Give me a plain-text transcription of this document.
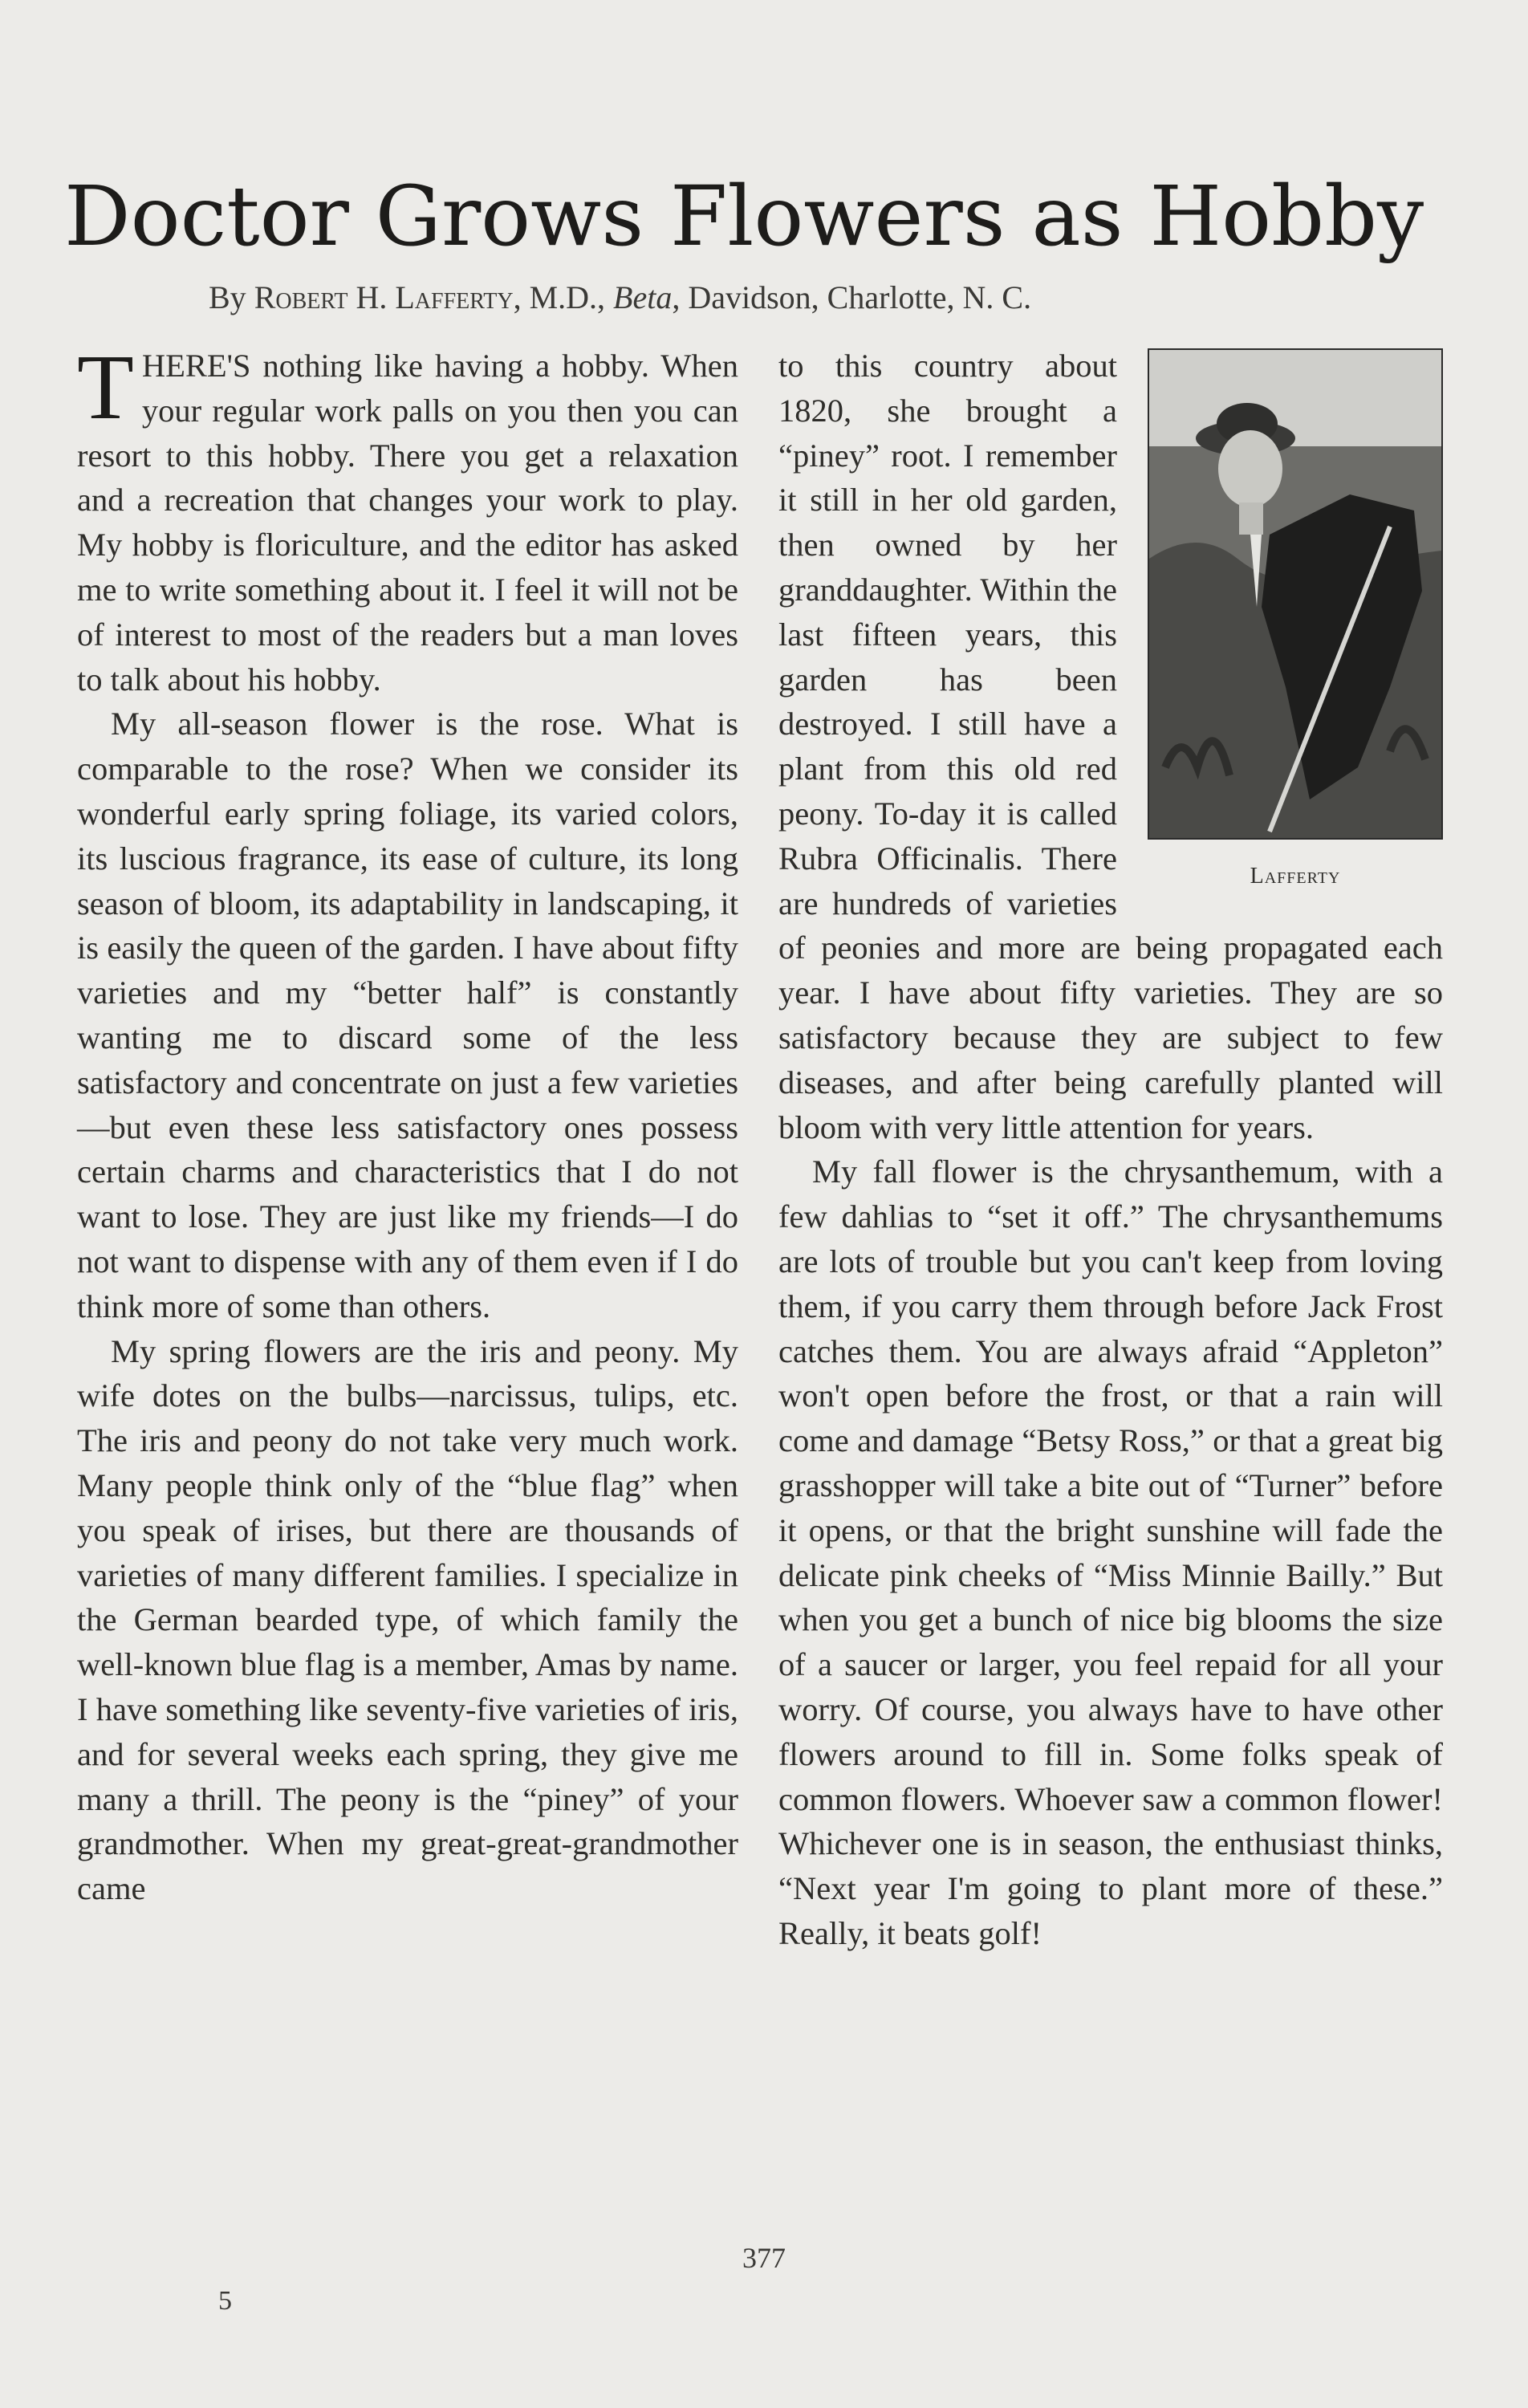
Doctor Grows Flowers as Hobby
By Robert H. Lafferty, M.D., Beta, Davidson, Charlotte, N. C.

THERE'S nothing like having a hobby. When your regular work palls on you then you can resort to this hobby. There you get a relaxation and a recreation that changes your work to play. My hobby is floriculture, and the editor has asked me to write something about it. I feel it will not be of interest to most of the readers but a man loves to talk about his hobby.

My all-season flower is the rose. What is comparable to the rose? When we consider its wonderful early spring foliage, its varied colors, its luscious fragrance, its ease of culture, its long season of bloom, its adaptability in landscaping, it is easily the queen of the garden. I have about fifty varieties and my “better half” is constantly wanting me to discard some of the less satisfactory and concentrate on just a few varieties—but even these less satisfactory ones possess certain charms and characteristics that I do not want to lose. They are just like my friends—I do not want to dispense with any of them even if I do think more of some than others.

My spring flowers are the iris and peony. My wife dotes on the bulbs—narcissus, tulips, etc. The iris and peony do not take very much work. Many people think only of the “blue flag” when you speak of irises, but there are thousands of varieties of many different families. I specialize in the German bearded type, of which family the well-known blue flag is a member, Amas by name. I have something like seventy-five varieties of iris, and for several weeks each spring, they give me many a thrill. The peony is the “piney” of your grandmother. When my great-great-grandmother came

Lafferty

to this country about 1820, she brought a “piney” root. I remember it still in her old garden, then owned by her granddaughter. Within the last fifteen years, this garden has been destroyed. I still have a plant from this old red peony. To-day it is called Rubra Officinalis. There are hundreds of varieties of peonies and more are being propagated each year. I have about fifty varieties. They are so satisfactory because they are subject to few diseases, and after being carefully planted will bloom with very little attention for years.

My fall flower is the chrysanthemum, with a few dahlias to “set it off.” The chrysanthemums are lots of trouble but you can't keep from loving them, if you carry them through before Jack Frost catches them. You are always afraid “Appleton” won't open before the frost, or that a rain will come and damage “Betsy Ross,” or that a great big grasshopper will take a bite out of “Turner” before it opens, or that the bright sunshine will fade the delicate pink cheeks of “Miss Minnie Bailly.” But when you get a bunch of nice big blooms the size of a saucer or larger, you feel repaid for all your worry. Of course, you always have to have other flowers around to fill in. Some folks speak of common flowers. Whoever saw a common flower! Whichever one is in season, the enthusiast thinks, “Next year I'm going to plant more of these.” Really, it beats golf!

377
5
